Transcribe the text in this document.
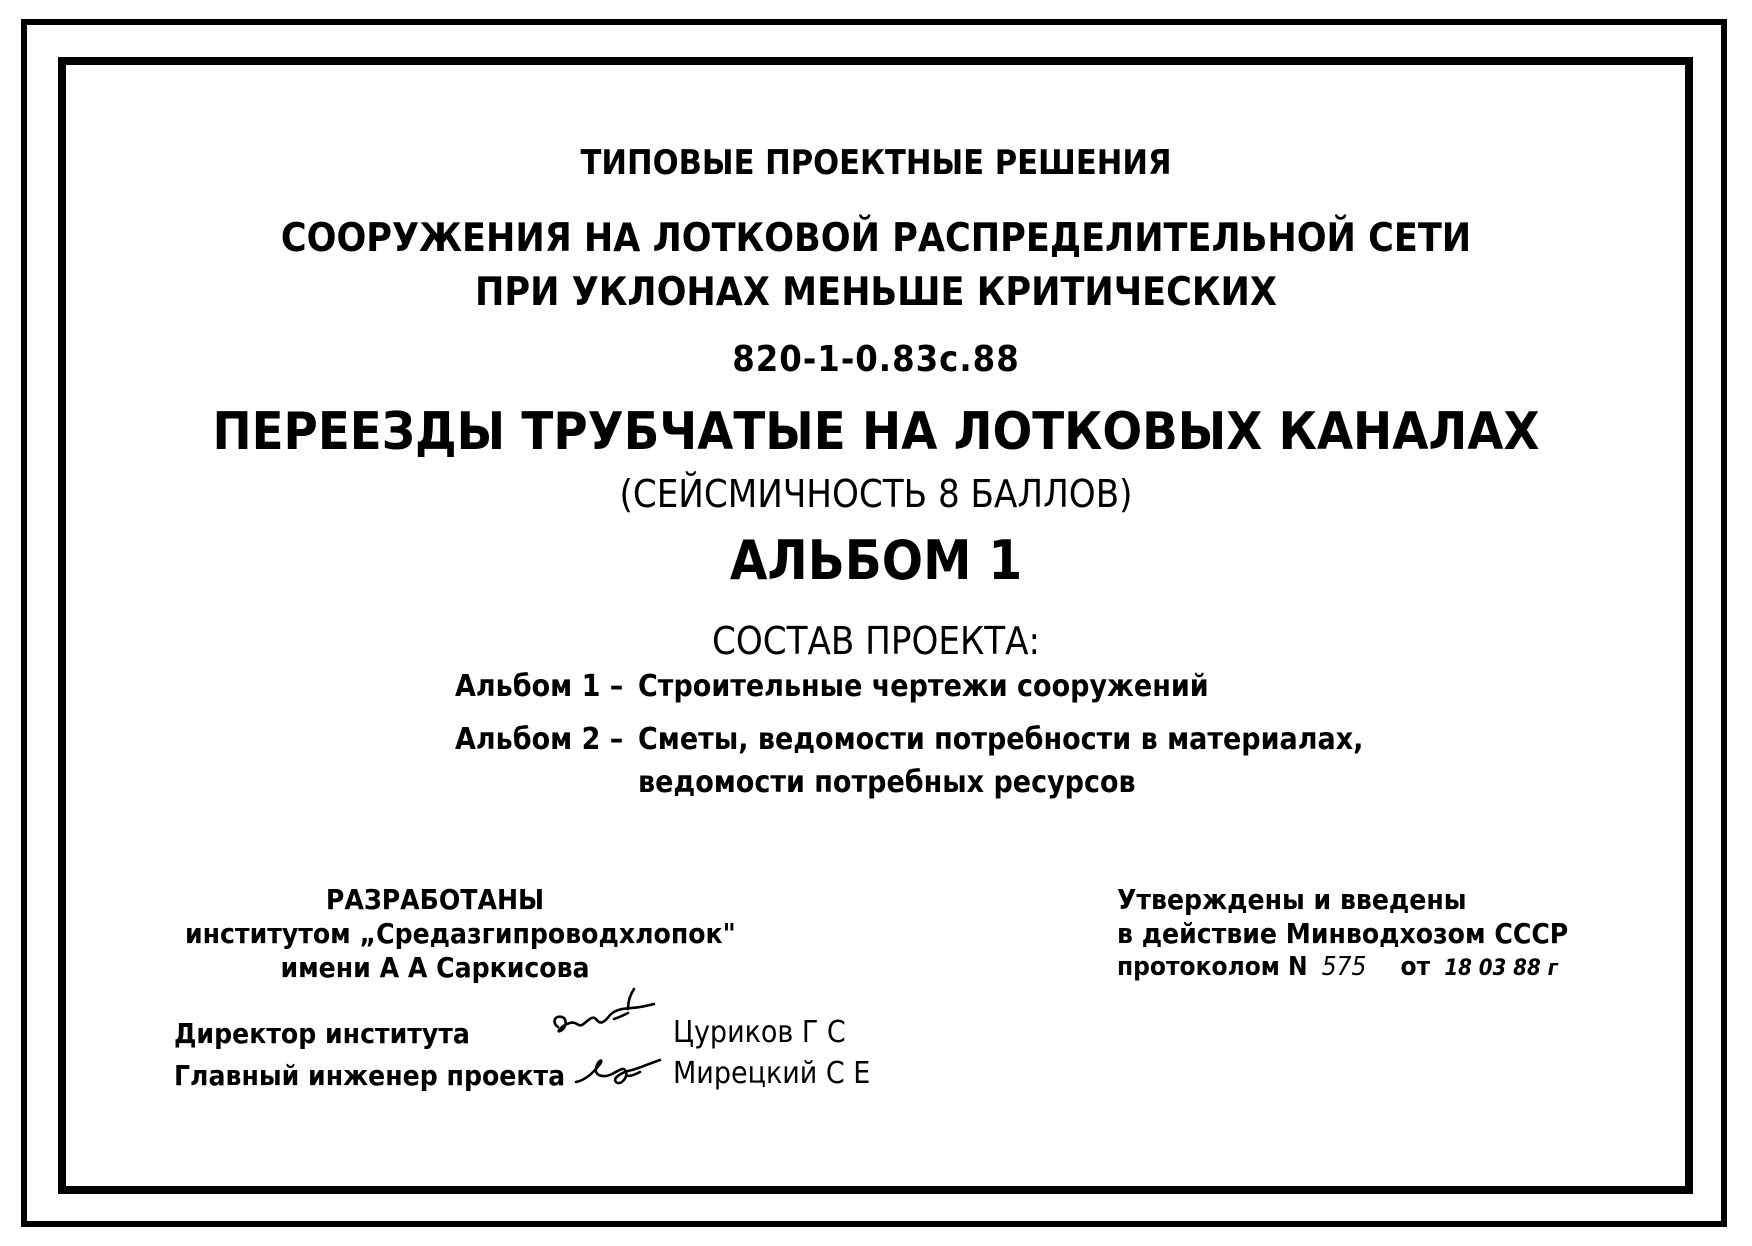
ТИПОВЫЕ ПРОЕКТНЫЕ РЕШЕНИЯ
СООРУЖЕНИЯ НА ЛОТКОВОЙ РАСПРЕДЕЛИТЕЛЬНОЙ СЕТИ
ПРИ УКЛОНАХ МЕНЬШЕ КРИТИЧЕСКИХ
820-1-0.83с.88
ПЕРЕЕЗДЫ ТРУБЧАТЫЕ НА ЛОТКОВЫХ КАНАЛАХ
(СЕЙСМИЧНОСТЬ 8 БАЛЛОВ)
АЛЬБОМ 1
СОСТАВ ПРОЕКТА:
Альбом 1 – Строительные чертежи сооружений
Альбом 2 – Сметы, ведомости потребности в материалах,
ведомости потребных ресурсов
РАЗРАБОТАНЫ
институтом „Средазгипроводхлопок"
имени А А Саркисова
Утверждены и введены
в действие Минводхозом СССР
протоколом N 575 от 18 03 88 г
Директор института	Цуриков Г С
Главный инженер проекта	Мирецкий С Е
